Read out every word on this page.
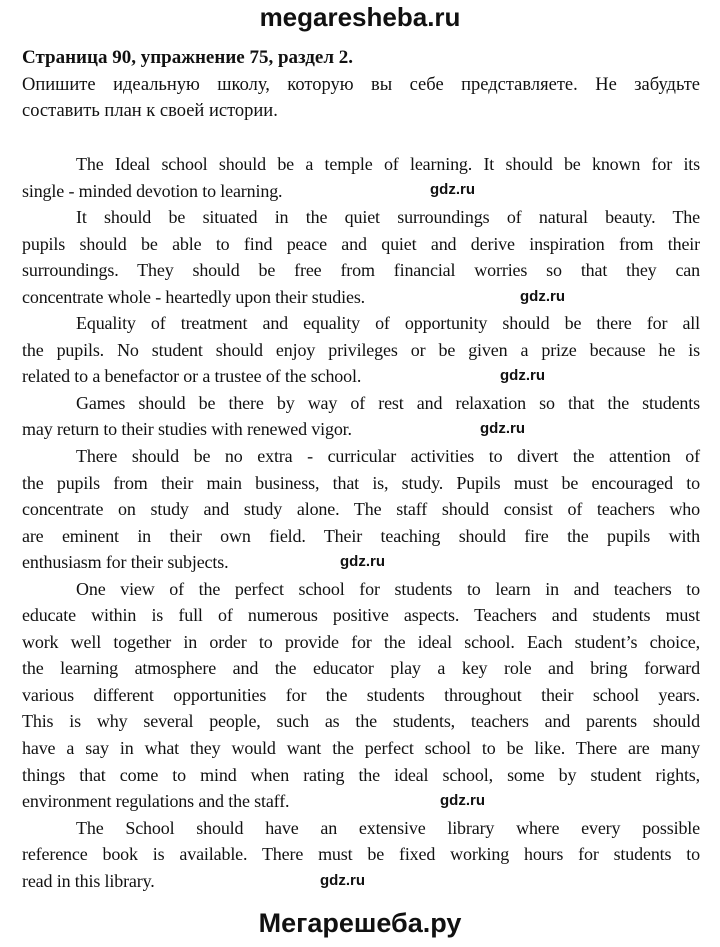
megaresheba.ru
Страница 90, упражнение 75, раздел 2.
Опишите идеальную школу, которую вы себе представляете. Не забудьте
составить план к своей истории.
The Ideal school should be a temple of learning. It should be known for its
single - minded devotion to learning.
It should be situated in the quiet surroundings of natural beauty. The
pupils should be able to find peace and quiet and derive inspiration from their
surroundings. They should be free from financial worries so that they can
concentrate whole - heartedly upon their studies.
Equality of treatment and equality of opportunity should be there for all
the pupils. No student should enjoy privileges or be given a prize because he is
related to a benefactor or a trustee of the school.
Games should be there by way of rest and relaxation so that the students
may return to their studies with renewed vigor.
There should be no extra - curricular activities to divert the attention of
the pupils from their main business, that is, study. Pupils must be encouraged to
concentrate on study and study alone. The staff should consist of teachers who
are eminent in their own field. Their teaching should fire the pupils with
enthusiasm for their subjects.
One view of the perfect school for students to learn in and teachers to
educate within is full of numerous positive aspects. Teachers and students must
work well together in order to provide for the ideal school. Each student’s choice,
the learning atmosphere and the educator play a key role and bring forward
various different opportunities for the students throughout their school years.
This is why several people, such as the students, teachers and parents should
have a say in what they would want the perfect school to be like. There are many
things that come to mind when rating the ideal school, some by student rights,
environment regulations and the staff.
The School should have an extensive library where every possible
reference book is available. There must be fixed working hours for students to
read in this library.
gdz.ru
gdz.ru
gdz.ru
gdz.ru
gdz.ru
gdz.ru
gdz.ru
Мегарешеба.ру
